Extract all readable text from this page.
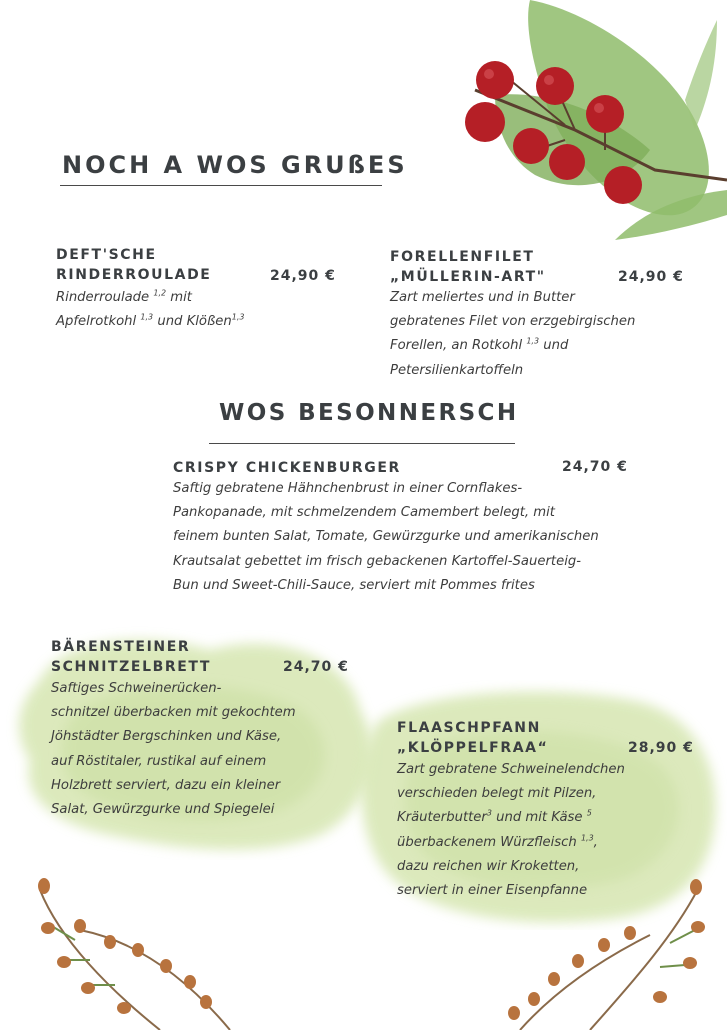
NOCH A WOS GRUßES
DEFT'SCHE
RINDERROULADE	24,90 €
Rinderroulade $^{1,2}$ mit
Apfelrotkohl $^{1,3}$ und Klößen$^{1,3}$
FORELLENFILET
„MÜLLERIN-ART"	24,90 €
Zart meliertes und in Butter
gebratenes Filet von erzgebirgischen
Forellen, an Rotkohl $^{1,3}$ und
Petersilienkartoffeln
WOS BESONNERSCH
CRISPY CHICKENBURGER	24,70 €
Saftig gebratene Hähnchenbrust in einer Cornflakes-
Pankopanade, mit schmelzendem Camembert belegt, mit
feinem bunten Salat, Tomate, Gewürzgurke und amerikanischen
Krautsalat gebettet im frisch gebackenen Kartoffel-Sauerteig-
Bun und Sweet-Chili-Sauce, serviert mit Pommes frites
BÄRENSTEINER
SCHNITZELBRETT	24,70 €
Saftiges Schweinerücken-
schnitzel überbacken mit gekochtem
Jöhstädter Bergschinken und Käse,
auf Röstitaler, rustikal auf einem
Holzbrett serviert, dazu ein kleiner
Salat, Gewürzgurke und Spiegelei
FLAASCHPFANN
„KLÖPPELFRAA“	28,90 €
Zart gebratene Schweinelendchen
verschieden belegt mit Pilzen,
Kräuterbutter$^3$ und mit Käse $^5$
überbackenem Würzfleisch $^{1,3}$,
dazu reichen wir Kroketten,
serviert in einer Eisenpfanne
